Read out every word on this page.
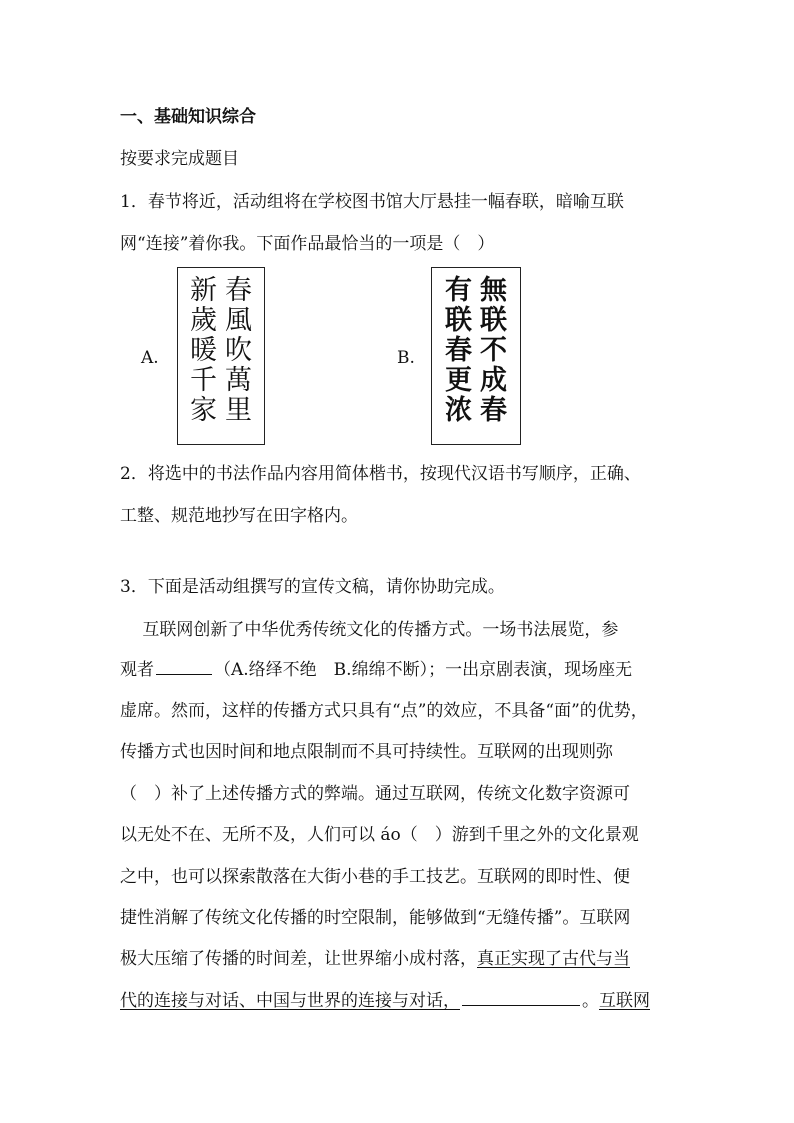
一、基础知识综合
按要求完成题目
1．春节将近，活动组将在学校图书馆大厅悬挂一幅春联，暗喻互联
网“连接”着你我。下面作品最恰当的一项是（　）
A.
春
風
吹
萬
里
新
歲
暖
千
家
B.
無
联
不
成
春
有
联
春
更
浓
2．将选中的书法作品内容用简体楷书，按现代汉语书写顺序，正确、
工整、规范地抄写在田字格内。
3．下面是活动组撰写的宣传文稿，请你协助完成。
　 互联网创新了中华优秀传统文化的传播方式。一场书法展览，参
观者	（A.络绎不绝　B.绵绵不断）；一出京剧表演，现场座无
虚席。然而，这样的传播方式只具有“点”的效应，不具备“面”的优势，
传播方式也因时间和地点限制而不具可持续性。互联网的出现则弥
（　）补了上述传播方式的弊端。通过互联网，传统文化数字资源可
以无处不在、无所不及，人们可以 áo（　）游到千里之外的文化景观
之中，也可以探索散落在大街小巷的手工技艺。互联网的即时性、便
捷性消解了传统文化传播的时空限制，能够做到“无缝传播”。互联网
极大压缩了传播的时间差，让世界缩小成村落，真正实现了古代与当
代的连接与对话、中国与世界的连接与对话，	。互联网
